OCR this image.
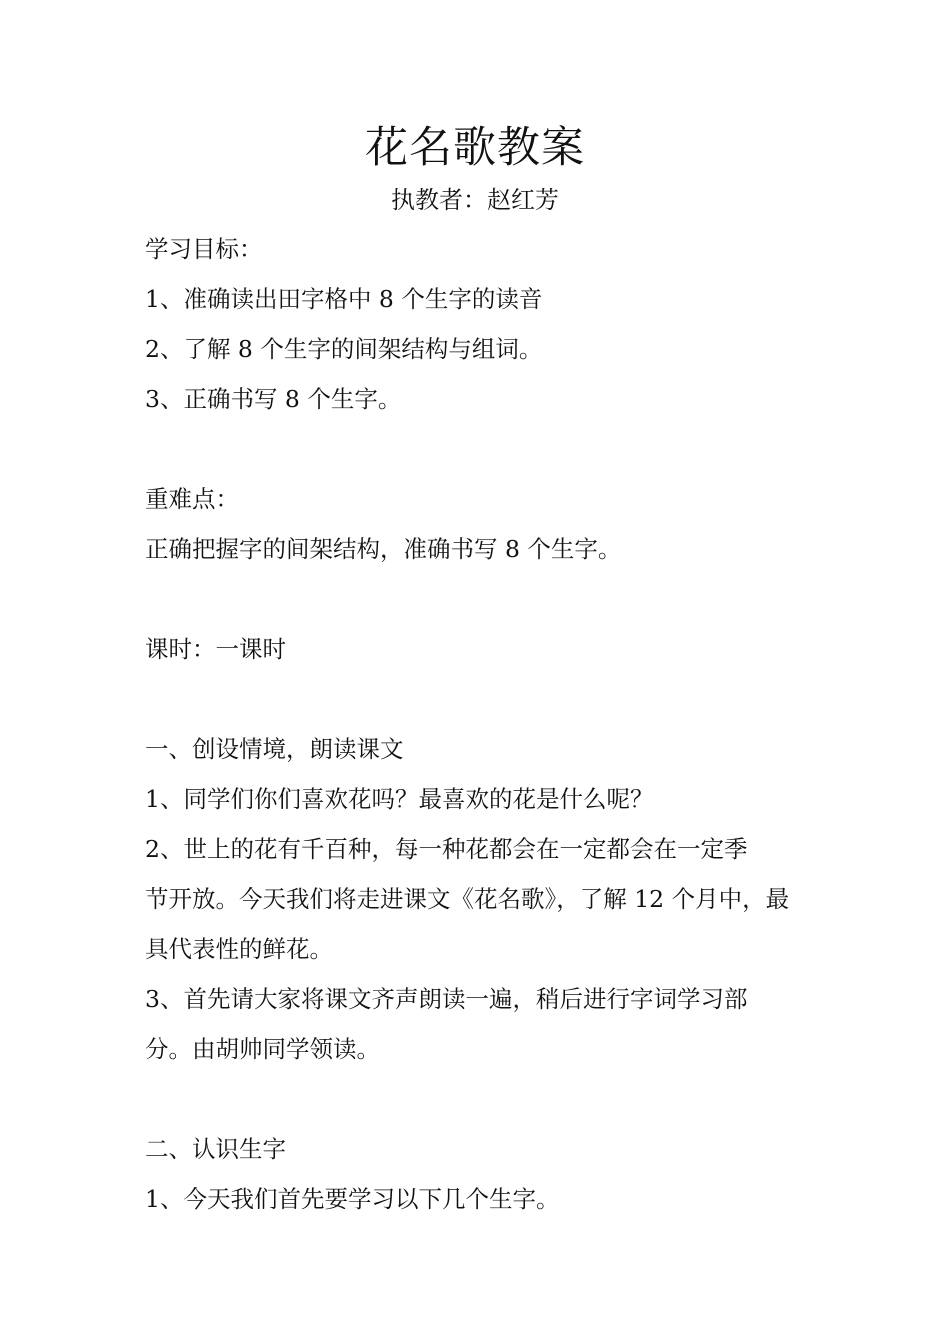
花名歌教案
执教者：赵红芳

学习目标：

1、准确读出田字格中 8 个生字的读音

2、了解 8 个生字的间架结构与组词。

3、正确书写 8 个生字。

重难点：

正确把握字的间架结构，准确书写 8 个生字。

课时：一课时

一、创设情境，朗读课文

1、同学们你们喜欢花吗？最喜欢的花是什么呢？

2、世上的花有千百种，每一种花都会在一定都会在一定季

节开放。今天我们将走进课文《花名歌》，了解 12 个月中，最

具代表性的鲜花。

3、首先请大家将课文齐声朗读一遍，稍后进行字词学习部

分。由胡帅同学领读。

二、认识生字

1、今天我们首先要学习以下几个生字。
